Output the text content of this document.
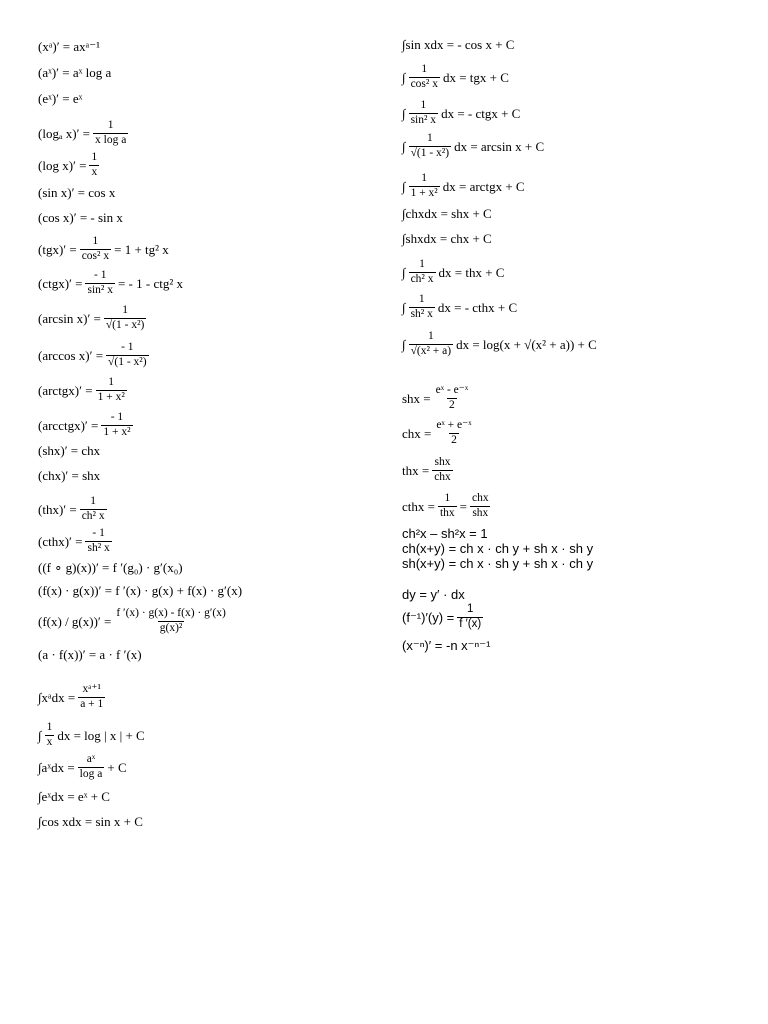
(xᵃ)′ = axᵃ⁻¹
(aˣ)′ = aˣ log a
(eˣ)′ = eˣ
(logₐ $x)' = \frac{1}{\text{x log a}}$
(log $x)' = \frac{1}{x}$
(sin x)′ = cos x
(cos x)′ = - sin x
$(tgx)' = \frac{1}{\text{cos² x}} = 1 + tg^2$ x
(ctgx)′ = $\frac{- 1}{\text{sin² x}}$ = - 1 - ctg² x
(arcsin $x)' = \frac{1}{\text{√(1 - x²)}}$
(arccos $x)' = \frac{- 1}{\text{√(1 - x²)}}$
(arctgx)′ = $\frac{1}{\text{1 + x²}}$
(arcctgx)′ = $\frac{- 1}{\text{1 + x²}}$
(shx)′ = chx
(chx)′ = shx
$(thx)' = \frac{1}{\text{ch² x}}$
(cthx)′ = $\frac{- 1}{\text{sh² x}}$
((f ∘ g)(x))′ = f ′(g₀) · g′(x₀)
(f(x) · g(x))′ = f ′(x) · g(x) + f(x) · g′(x)
$(f(x) / g(x))' = \frac{f '(x) \cdot g(x) - f(x) \cdot g'(x)}{\text{g(x)²}}$
(a · f(x))′ = a · f ′(x)
∫xᵃdx = $\frac{\text{xᵃ⁺¹}}{a + 1}$
∫ $\frac{1}{x}$ dx = log | x | + C
∫aˣdx = $\frac{\text{aˣ}}{\text{log a}} + C$
∫eˣdx = eˣ + C
∫cos xdx = sin x + C
∫sin xdx = - cos x + C
∫ $\frac{1}{\text{cos² x}}$ dx = tgx + C
∫ $\frac{1}{\text{sin² x}}$ dx = - ctgx + C
∫ $\frac{1}{\text{√(1 - x²)}}$ dx = arcsin x + C
∫ $\frac{1}{\text{1 + x²}}$ dx = arctgx + C
∫chxdx = shx + C
∫shxdx = chx + C
∫ $\frac{1}{\text{ch² x}}$ dx = thx + C
∫ $\frac{1}{\text{sh² x}}$ dx = - cthx + C
∫ $\frac{1}{\text{√(x² + a)}}$ dx = log(x + √(x² + a)) + C
shx = $\frac{\text{eˣ - e⁻ˣ}}{2}$
chx = $\frac{\text{eˣ + e⁻ˣ}}{2}$
thx = $\frac{\text{shx}}{\text{chx}}$
cthx = $\frac{1}{\text{thx}} = \frac{\text{chx}}{\text{shx}}$
ch²x – sh²x = 1
ch(x+y) = ch x · ch y + sh x · sh y
sh(x+y) = ch x · sh y + sh x · ch y
dy = y′ · dx
$(f^{-1})'(y) = \frac{1}{f '(x)}$
(x⁻ⁿ)′ = -n x⁻ⁿ⁻¹
